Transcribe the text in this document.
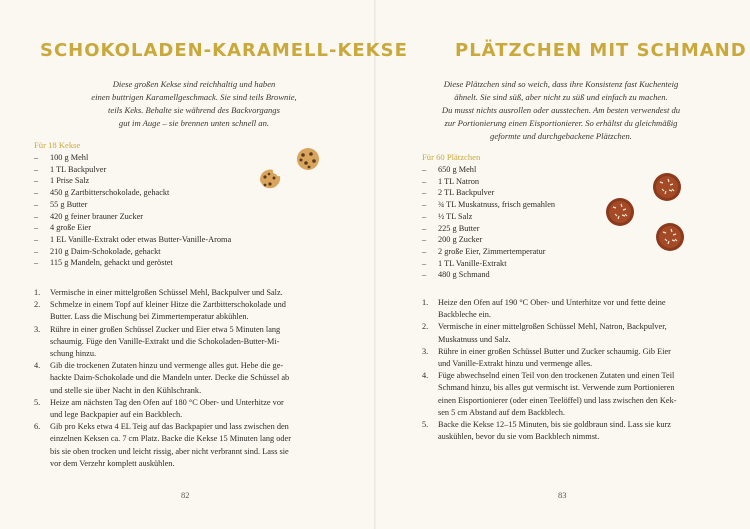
SCHOKOLADEN-KARAMELL-KEKSE
Diese großen Kekse sind reichhaltig und haben
einen buttrigen Karamellgeschmack. Sie sind teils Brownie,
teils Keks. Behalte sie während des Backvorgangs
gut im Auge – sie brennen unten schnell an.
Für 18 Kekse
–	100 g Mehl
–	1 TL Backpulver
–	1 Prise Salz
–	450 g Zartbitterschokolade, gehackt
–	55 g Butter
–	420 g feiner brauner Zucker
–	4 große Eier
–	1 EL Vanille-Extrakt oder etwas Butter-Vanille-Aroma
–	210 g Daim-Schokolade, gehackt
–	115 g Mandeln, gehackt und geröstet
1.	Vermische in einer mittelgroßen Schüssel Mehl, Backpulver und Salz.
2.	Schmelze in einem Topf auf kleiner Hitze die Zartbitterschokolade und
Butter. Lass die Mischung bei Zimmertemperatur abkühlen.
3.	Rühre in einer großen Schüssel Zucker und Eier etwa 5 Minuten lang
schaumig. Füge den Vanille-Extrakt und die Schokoladen-Butter-Mi-
schung hinzu.
4.	Gib die trockenen Zutaten hinzu und vermenge alles gut. Hebe die ge-
hackte Daim-Schokolade und die Mandeln unter. Decke die Schüssel ab
und stelle sie über Nacht in den Kühlschrank.
5.	Heize am nächsten Tag den Ofen auf 180 °C Ober- und Unterhitze vor
und lege Backpapier auf ein Backblech.
6.	Gib pro Keks etwa 4 EL Teig auf das Backpapier und lass zwischen den
einzelnen Keksen ca. 7 cm Platz. Backe die Kekse 15 Minuten lang oder
bis sie oben trocken und leicht rissig, aber nicht verbrannt sind. Lass sie
vor dem Verzehr komplett auskühlen.
82
PLÄTZCHEN MIT SCHMAND
Diese Plätzchen sind so weich, dass ihre Konsistenz fast Kuchenteig
ähnelt. Sie sind süß, aber nicht zu süß und einfach zu machen.
Du musst nichts ausrollen oder ausstechen. Am besten verwendest du
zur Portionierung einen Eisportionierer. So erhältst du gleichmäßig
geformte und durchgebackene Plätzchen.
Für 60 Plätzchen
–	650 g Mehl
–	1 TL Natron
–	2 TL Backpulver
–	¾ TL Muskatnuss, frisch gemahlen
–	½ TL Salz
–	225 g Butter
–	200 g Zucker
–	2 große Eier, Zimmertemperatur
–	1 TL Vanille-Extrakt
–	480 g Schmand
1.	Heize den Ofen auf 190 °C Ober- und Unterhitze vor und fette deine
Backbleche ein.
2.	Vermische in einer mittelgroßen Schüssel Mehl, Natron, Backpulver,
Muskatnuss und Salz.
3.	Rühre in einer großen Schüssel Butter und Zucker schaumig. Gib Eier
und Vanille-Extrakt hinzu und vermenge alles.
4.	Füge abwechselnd einen Teil von den trockenen Zutaten und einen Teil
Schmand hinzu, bis alles gut vermischt ist. Verwende zum Portionieren
einen Eisportionierer (oder einen Teelöffel) und lass zwischen den Kek-
sen 5 cm Abstand auf dem Backblech.
5.	Backe die Kekse 12–15 Minuten, bis sie goldbraun sind. Lass sie kurz
auskühlen, bevor du sie vom Backblech nimmst.
83
